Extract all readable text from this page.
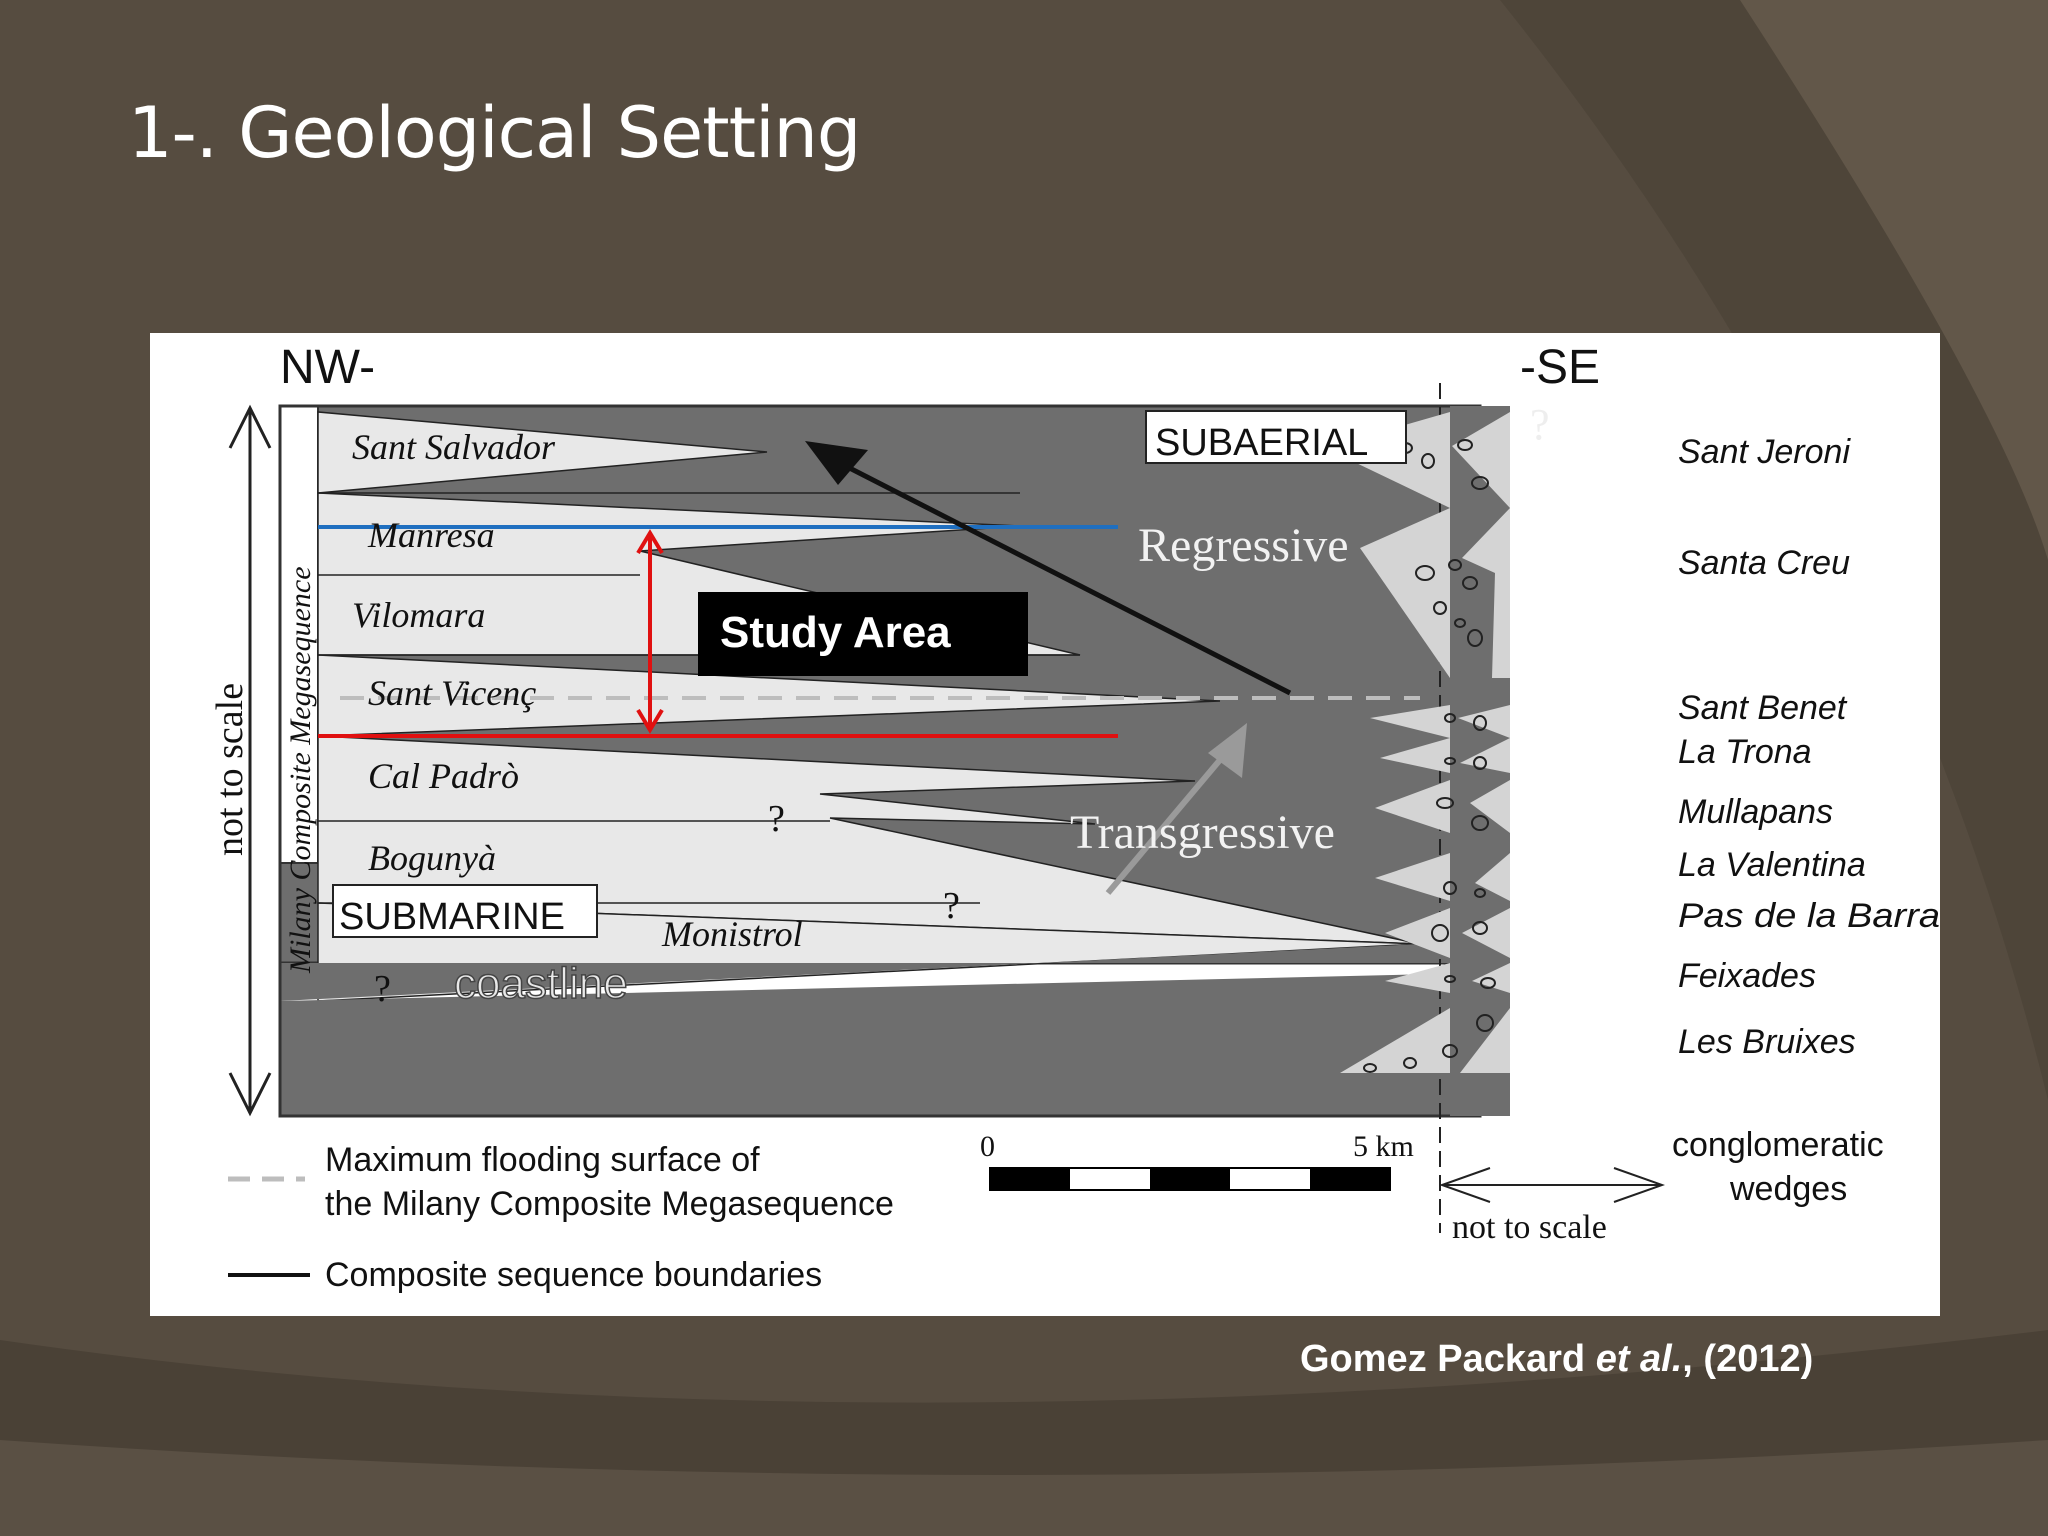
1-. Geological Setting
NW-	-SE
not to scale Milany Composite Megasequence
Sant Salvador
Manresa
Vilomara
Sant Vicenç
Cal Padrò
Bogunyà
Monistrol
SUBAERIAL
SUBMARINE
Regressive
Transgressive
coastline
Study Area
?
?
?
?
Sant Jeroni
Santa Creu
Sant Benet
La Trona
Mullapans
La Valentina
Pas de la Barra
Feixades
Les Bruixes
0	5 km
not to scale
Maximum flooding surface of
the Milany Composite Megasequence
Composite sequence boundaries
conglomeratic
wedges
Gomez Packard et al., (2012)
